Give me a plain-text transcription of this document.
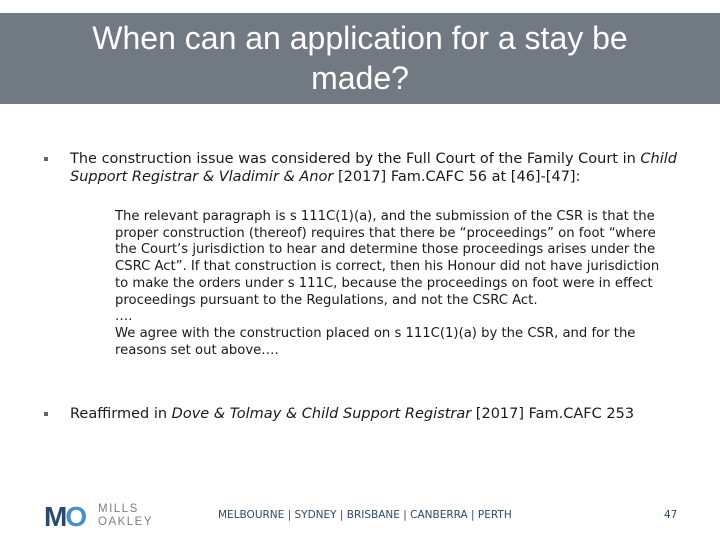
When can an application for a stay be
made?
The construction issue was considered by the Full Court of the Family Court in Child Support Registrar & Vladimir & Anor [2017] Fam.CAFC 56 at [46]-[47]:

The relevant paragraph is s 111C(1)(a), and the submission of the CSR is that the proper construction (thereof) requires that there be “proceedings” on foot “where the Court’s jurisdiction to hear and determine those proceedings arises under the CSRC Act”. If that construction is correct, then his Honour did not have jurisdiction to make the orders under s 111C, because the proceedings on foot were in effect proceedings pursuant to the Regulations, and not the CSRC Act.

….

We agree with the construction placed on s 111C(1)(a) by the CSR, and for the reasons set out above….

Reaffirmed in Dove & Tolmay & Child Support Registrar [2017] Fam.CAFC 253
MO MILLS
OAKLEY
MELBOURNE | SYDNEY | BRISBANE | CANBERRA | PERTH	47
